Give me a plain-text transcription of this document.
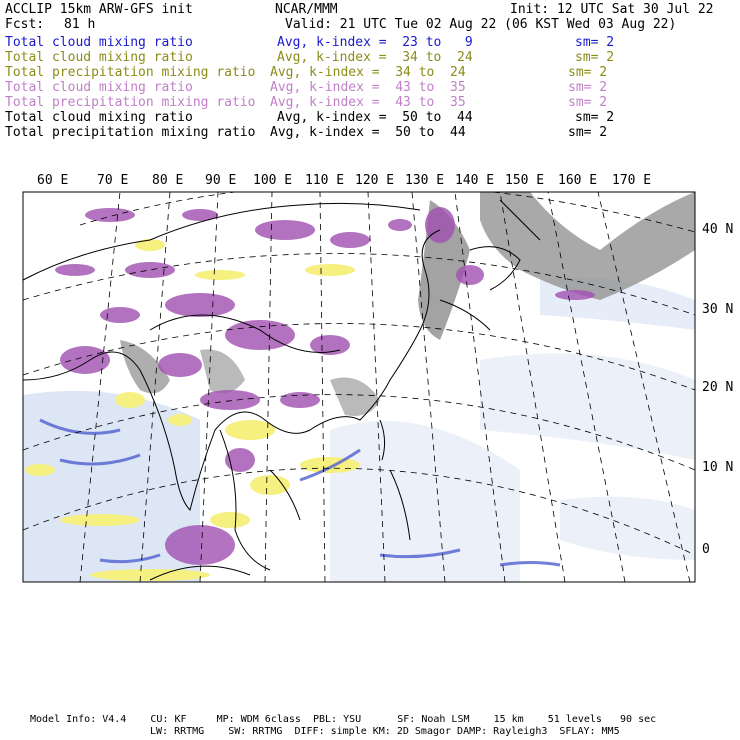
ACCLIP 15km ARW-GFS init	NCAR/MMM	Init: 12 UTC Sat 30 Jul 22
Fcst: 81 h	Valid: 21 UTC Tue 02 Aug 22 (06 KST Wed 03 Aug 22)
Total cloud mixing ratio	Avg, k-index =  23 to   9	sm= 2
Total cloud mixing ratio	Avg, k-index =  34 to  24	sm= 2
Total precipitation mixing ratio Avg, k-index =  34 to  24	sm= 2
Total cloud mixing ratio	Avg, k-index =  43 to  35	sm= 2
Total precipitation mixing ratio Avg, k-index =  43 to  35	sm= 2
Total cloud mixing ratio	Avg, k-index =  50 to  44	sm= 2
Total precipitation mixing ratio Avg, k-index =  50 to  44	sm= 2
60 E 70 E 80 E 90 E 100 E 110 E 120 E 130 E 140 E 150 E 160 E 170 E
40 N
30 N
20 N
10 N
0
Model Info: V4.4    CU: KF     MP: WDM 6class  PBL: YSU      SF: Noah LSM    15 km    51 levels   90 sec
LW: RRTMG    SW: RRTMG  DIFF: simple KM: 2D Smagor DAMP: Rayleigh3  SFLAY: MM5
